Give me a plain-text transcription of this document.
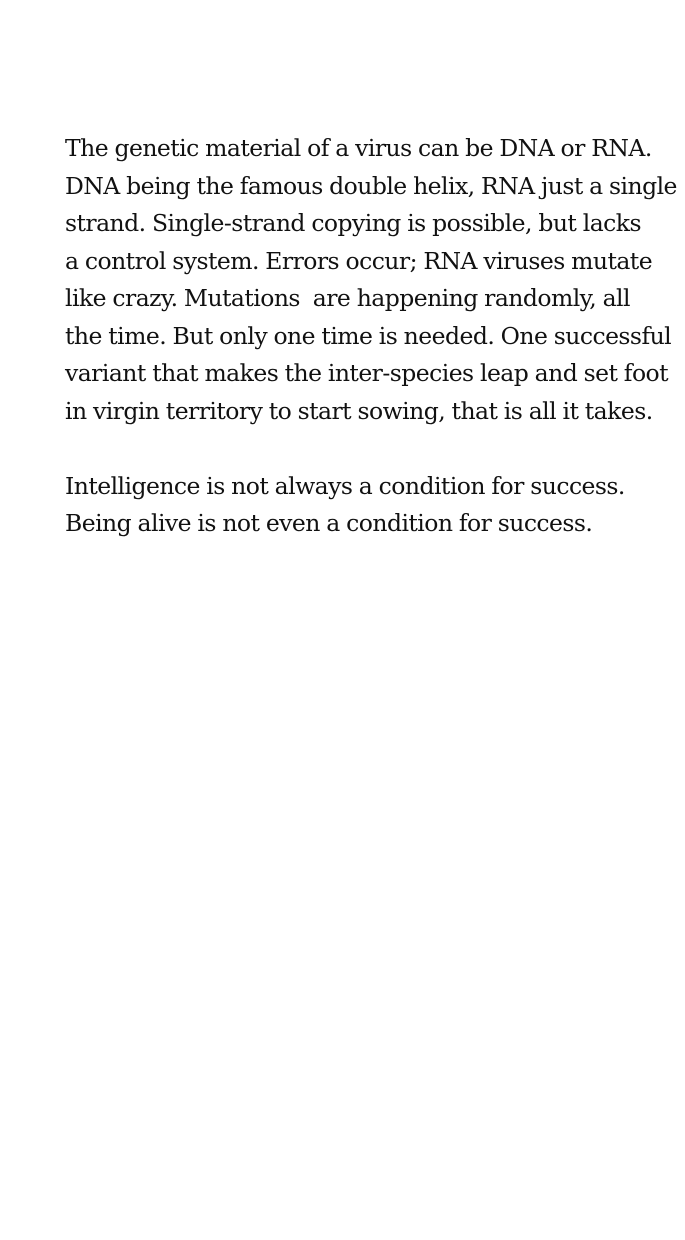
The genetic material of a virus can be DNA or RNA.
DNA being the famous double helix, RNA just a single
strand. Single-strand copying is possible, but lacks
a control system. Errors occur; RNA viruses mutate
like crazy. Mutations  are happening randomly, all
the time. But only one time is needed. One successful
variant that makes the inter-species leap and set foot
in virgin territory to start sowing, that is all it takes.

Intelligence is not always a condition for success.
Being alive is not even a condition for success.
